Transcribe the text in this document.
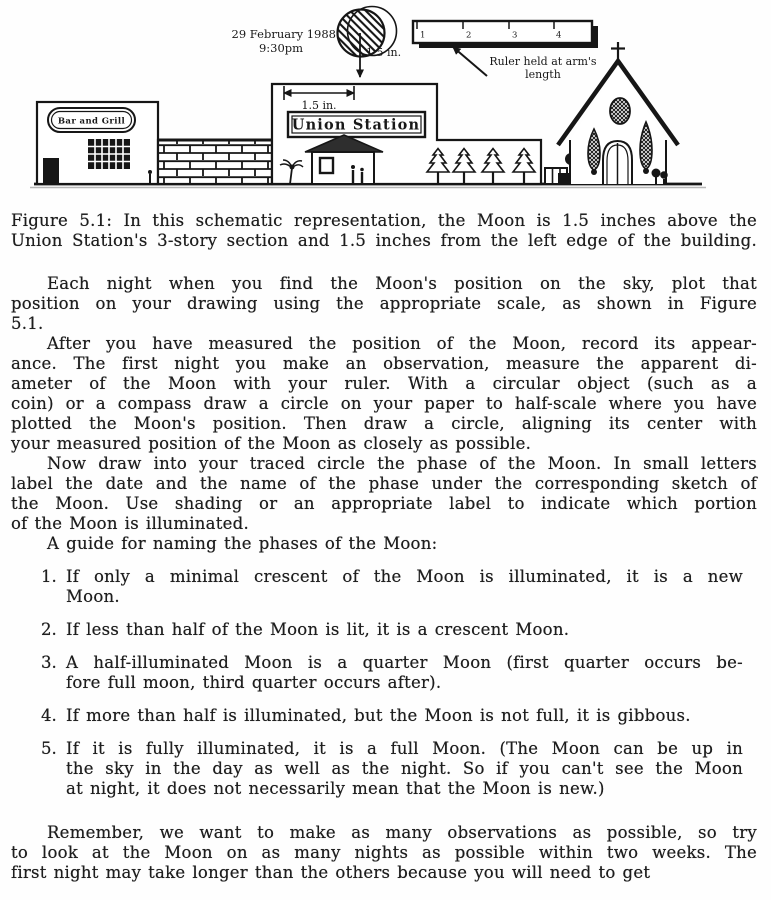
29 February 1988
9:30pm	1.5 in.
1	2	3	4
Ruler held at arm's
length
Bar and Grill
1.5 in.
Union Station
Figure 5.1: In this schematic representation, the Moon is 1.5 inches above the
Union Station's 3-story section and 1.5 inches from the left edge of the building.
Each night when you find the Moon's position on the sky, plot that
position on your drawing using the appropriate scale, as shown in Figure
5.1.
After you have measured the position of the Moon, record its appear-
ance. The first night you make an observation, measure the apparent di-
ameter of the Moon with your ruler. With a circular object (such as a
coin) or a compass draw a circle on your paper to half-scale where you have
plotted the Moon's position. Then draw a circle, aligning its center with
your measured position of the Moon as closely as possible.
Now draw into your traced circle the phase of the Moon. In small letters
label the date and the name of the phase under the corresponding sketch of
the Moon. Use shading or an appropriate label to indicate which portion
of the Moon is illuminated.
A guide for naming the phases of the Moon:
1. If only a minimal crescent of the Moon is illuminated, it is a new
Moon.
2. If less than half of the Moon is lit, it is a crescent Moon.
3. A half-illuminated Moon is a quarter Moon (first quarter occurs be-
fore full moon, third quarter occurs after).
4. If more than half is illuminated, but the Moon is not full, it is gibbous.
5. If it is fully illuminated, it is a full Moon. (The Moon can be up in
the sky in the day as well as the night. So if you can't see the Moon
at night, it does not necessarily mean that the Moon is new.)
Remember, we want to make as many observations as possible, so try
to look at the Moon on as many nights as possible within two weeks. The
first night may take longer than the others because you will need to get
